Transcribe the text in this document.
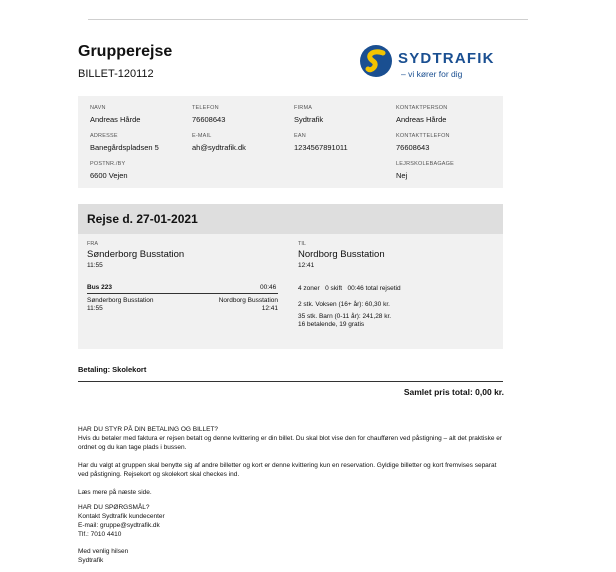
Grupperejse
BILLET-120112
SYDTRAFIK
– vi kører for dig
NAVN
Andreas Hårde
TELEFON
76608643
FIRMA
Sydtrafik
KONTAKTPERSON
Andreas Hårde
ADRESSE
Banegårdspladsen 5
E-MAIL
ah@sydtrafik.dk
EAN
1234567891011
KONTAKTTELEFON
76608643
POSTNR./BY
6600 Vejen
LEJRSKOLEBAGAGE
Nej
Rejse d. 27-01-2021
FRA
Sønderborg Busstation
11:55
TIL
Nordborg Busstation
12:41
Bus 223	00:46
Sønderborg Busstation
11:55
Nordborg Busstation
12:41
4 zoner   0 skift   00:46 total rejsetid
2 stk. Voksen (16+ år): 60,30 kr.
35 stk. Barn (0-11 år): 241,28 kr.
16 betalende, 19 gratis
Betaling: Skolekort
Samlet pris total: 0,00 kr.
HAR DU STYR PÅ DIN BETALING OG BILLET?
Hvis du betaler med faktura er rejsen betalt og denne kvittering er din billet. Du skal blot vise den for chaufføren ved påstigning – alt det praktiske er ordnet og du kan tage plads i bussen.
Har du valgt at gruppen skal benytte sig af andre billetter og kort er denne kvittering kun en reservation. Gyldige billetter og kort fremvises separat ved påstigning. Rejsekort og skolekort skal checkes ind.
Læs mere på næste side.
HAR DU SPØRGSMÅL?
Kontakt Sydtrafik kundecenter
E-mail: gruppe@sydtrafik.dk
Tlf.: 7010 4410
Med venlig hilsen
Sydtrafik
